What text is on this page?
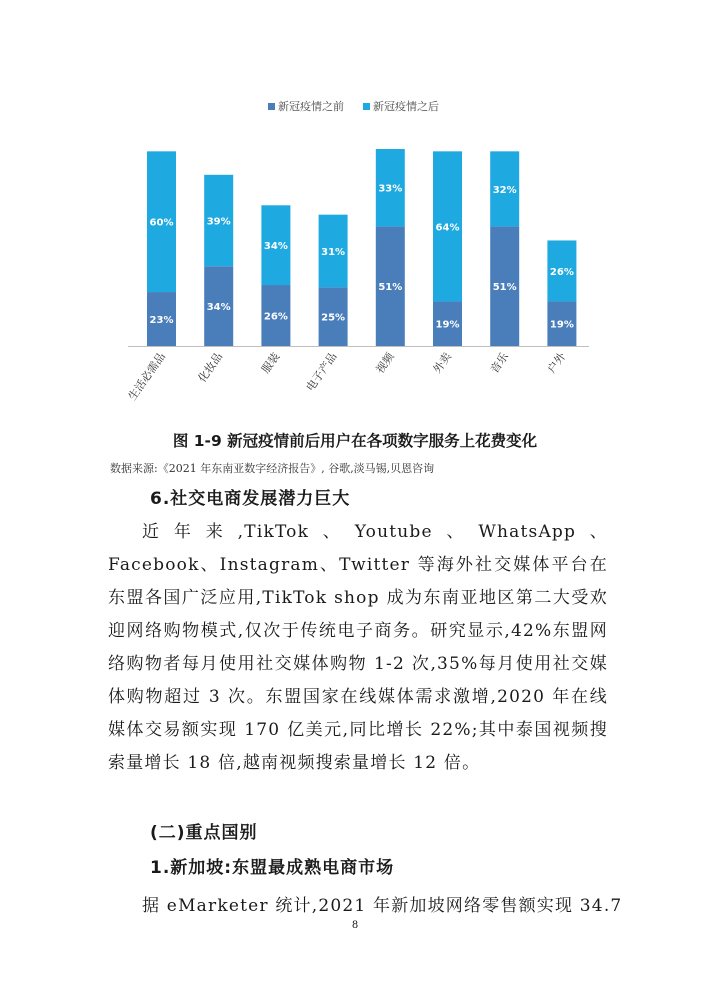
新冠疫情之前	新冠疫情之后
23%
60%
34%
39%
26%
34%
25%
31%
51%
33%
19%
64%
51%
32%
19%
26%
生活必需品	化妆品	服装 电子产品	视频	外卖	音乐	户外
图 1-9 新冠疫情前后用户在各项数字服务上花费变化
数据来源:《2021 年东南亚数字经济报告》, 谷歌,淡马锡,贝恩咨询
6.社交电商发展潜力巨大
近年来,TikTok、Youtube、WhatsApp、Facebook、Instagram、Twitter 等海外社交媒体平台在东盟各国广泛应用,TikTok shop 成为东南亚地区第二大受欢迎网络购物模式,仅次于传统电子商务。研究显示,42%东盟网络购物者每月使用社交媒体购物 1-2 次,35%每月使用社交媒体购物超过 3 次。东盟国家在线媒体需求激增,2020 年在线媒体交易额实现 170 亿美元,同比增长 22%;其中泰国视频搜索量增长 18 倍,越南视频搜索量增长 12 倍。
(二)重点国别
1.新加坡:东盟最成熟电商市场
据 eMarketer 统计,2021 年新加坡网络零售额实现 34.7
8
